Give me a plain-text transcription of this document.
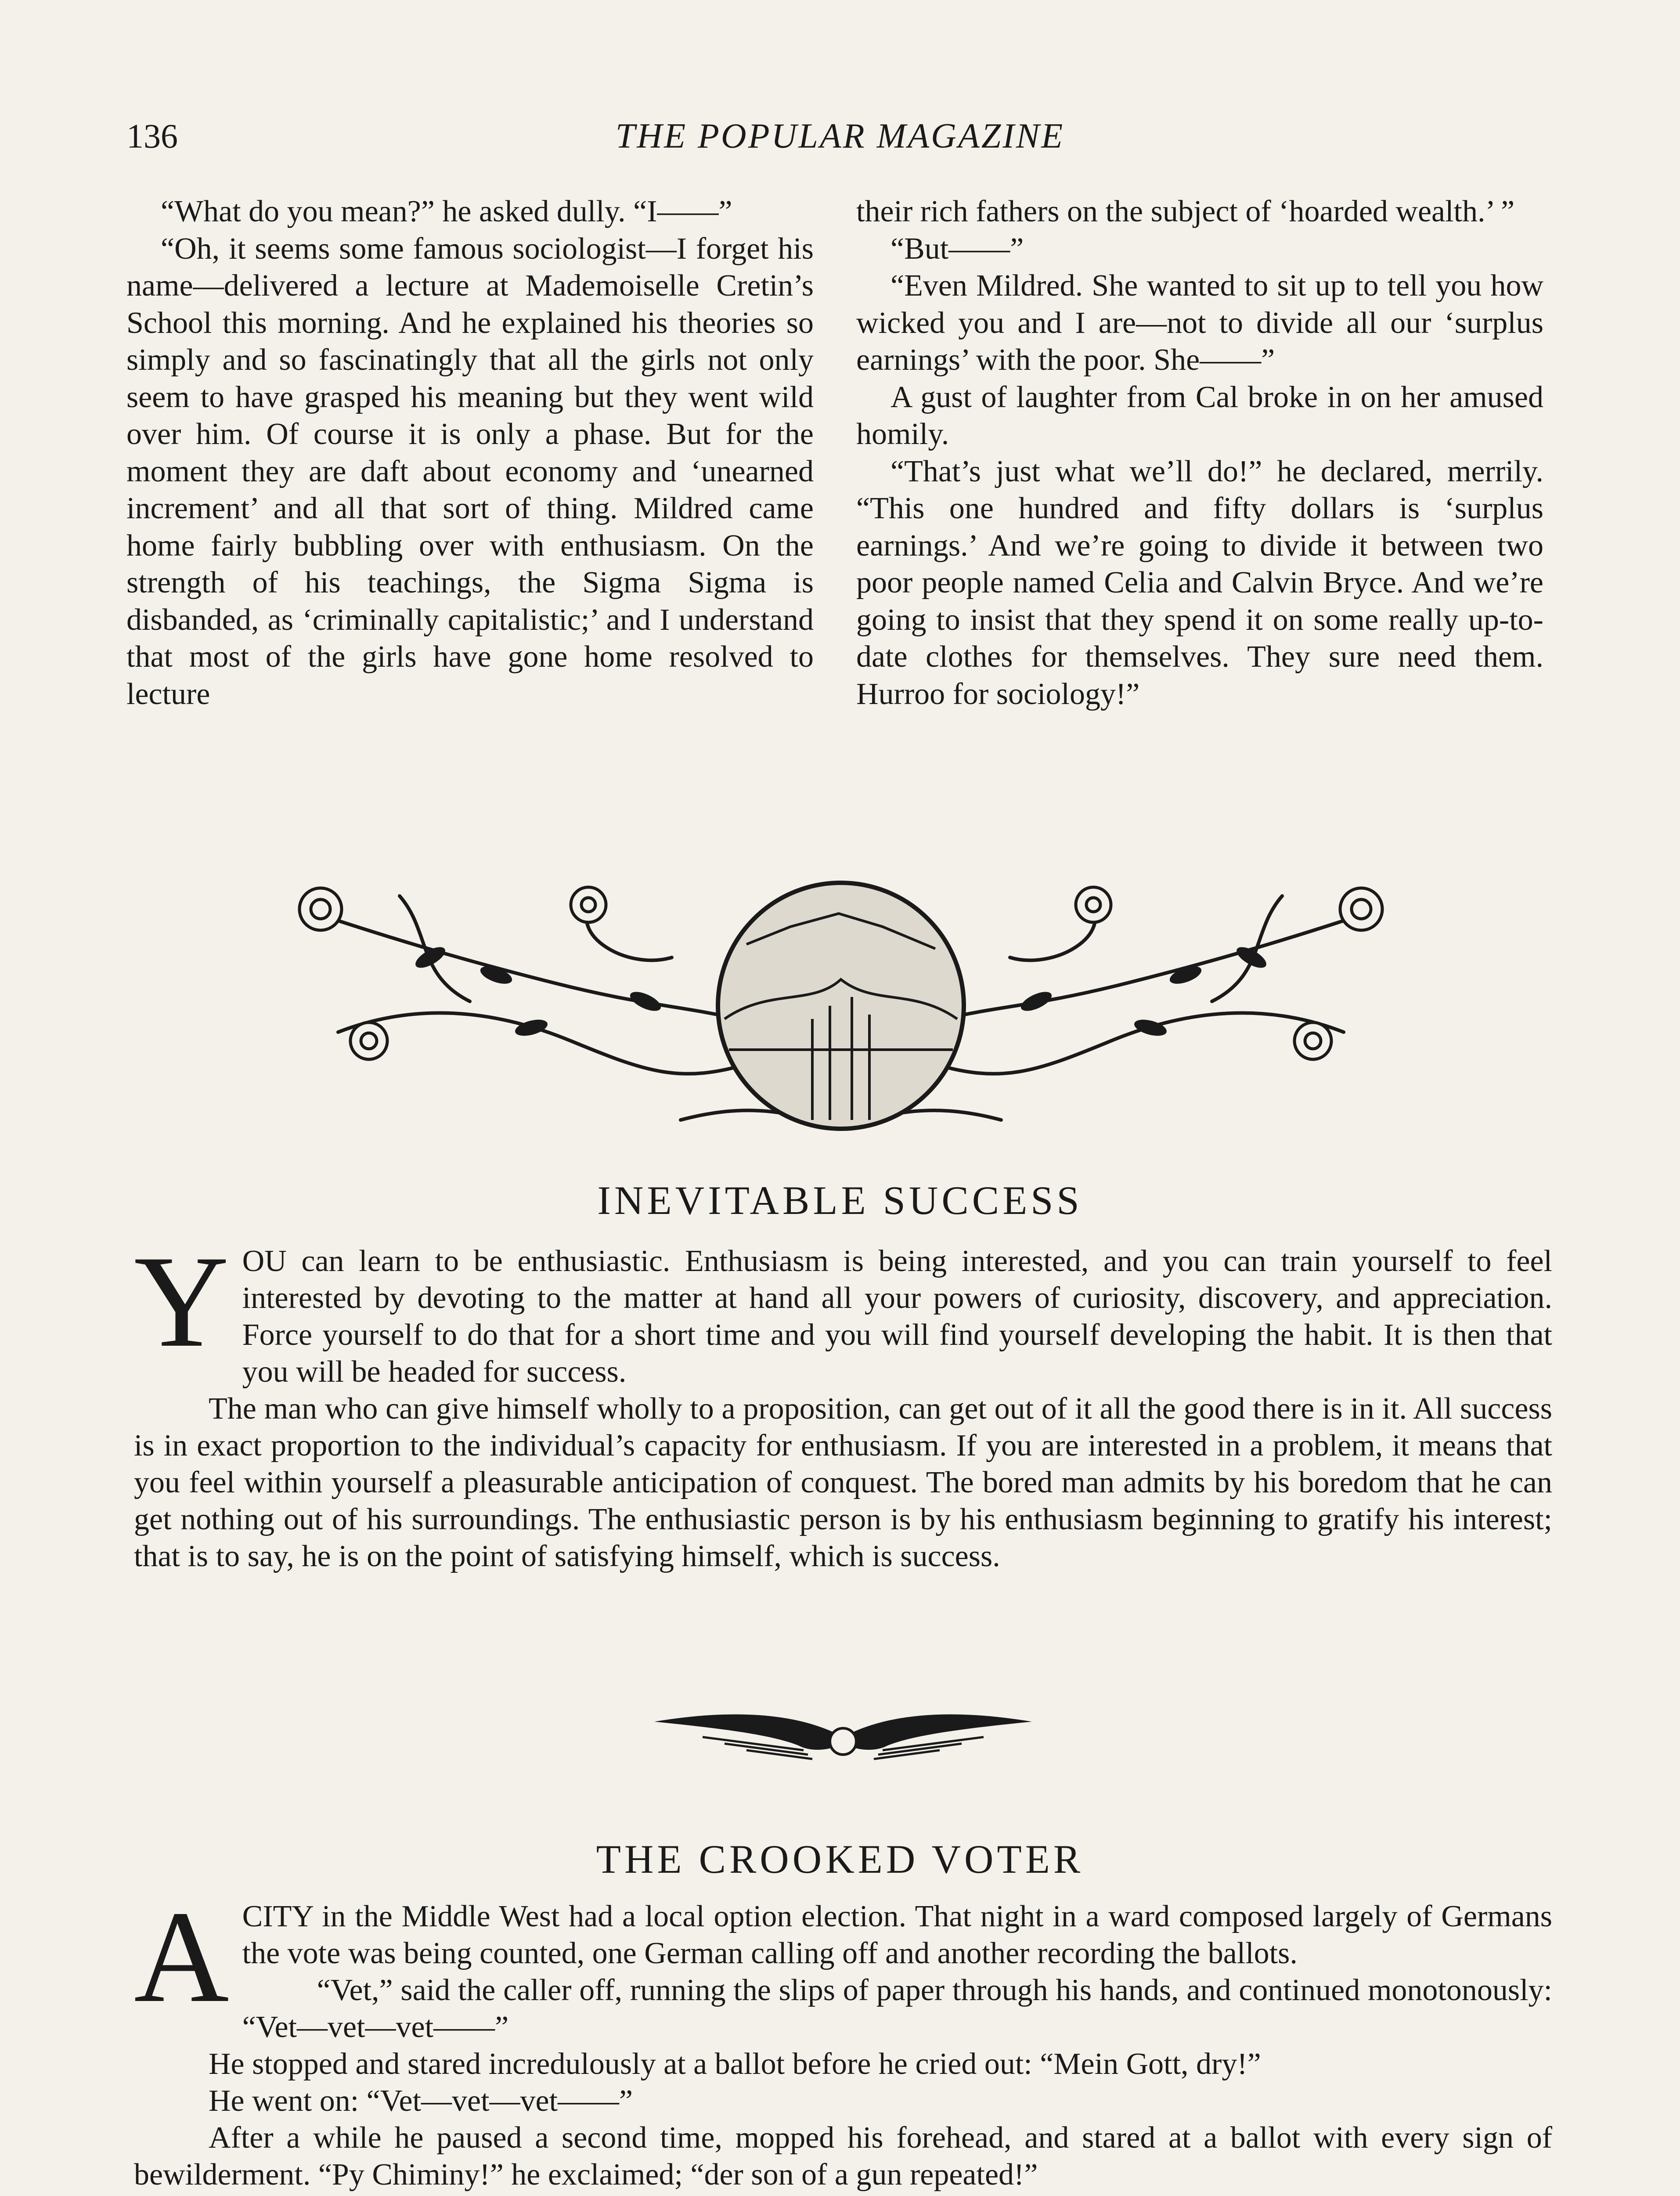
136	THE POPULAR MAGAZINE

“What do you mean?” he asked dully. “I——”

“Oh, it seems some famous sociologist—I forget his name—delivered a lecture at Mademoiselle Cretin’s School this morning. And he explained his theories so simply and so fascinatingly that all the girls not only seem to have grasped his meaning but they went wild over him. Of course it is only a phase. But for the moment they are daft about economy and ‘unearned increment’ and all that sort of thing. Mildred came home fairly bubbling over with enthusiasm. On the strength of his teachings, the Sigma Sigma is disbanded, as ‘criminally capitalistic;’ and I understand that most of the girls have gone home resolved to lecture

their rich fathers on the subject of ‘hoarded wealth.’ ”

“But——”

“Even Mildred. She wanted to sit up to tell you how wicked you and I are—not to divide all our ‘surplus earnings’ with the poor. She——”

A gust of laughter from Cal broke in on her amused homily.

“That’s just what we’ll do!” he declared, merrily. “This one hundred and fifty dollars is ‘surplus earnings.’ And we’re going to divide it between two poor people named Celia and Calvin Bryce. And we’re going to insist that they spend it on some really up-to-date clothes for themselves. They sure need them. Hurroo for sociology!”

INEVITABLE SUCCESS

YOU can learn to be enthusiastic. Enthusiasm is being interested, and you can train yourself to feel interested by devoting to the matter at hand all your powers of curiosity, discovery, and appreciation. Force yourself to do that for a short time and you will find yourself developing the habit. It is then that you will be headed for success.

The man who can give himself wholly to a proposition, can get out of it all the good there is in it. All success is in exact proportion to the individual’s capacity for enthusiasm. If you are interested in a problem, it means that you feel within yourself a pleasurable anticipation of conquest. The bored man admits by his boredom that he can get nothing out of his surroundings. The enthusiastic person is by his enthusiasm beginning to gratify his interest; that is to say, he is on the point of satisfying himself, which is success.

THE CROOKED VOTER

ACITY in the Middle West had a local option election. That night in a ward composed largely of Germans the vote was being counted, one German calling off and another recording the ballots.

“Vet,” said the caller off, running the slips of paper through his hands, and continued monotonously: “Vet—vet—vet——”

He stopped and stared incredulously at a ballot before he cried out: “Mein Gott, dry!”

He went on: “Vet—vet—vet——”

After a while he paused a second time, mopped his forehead, and stared at a ballot with every sign of bewilderment. “Py Chiminy!” he exclaimed; “der son of a gun repeated!”
